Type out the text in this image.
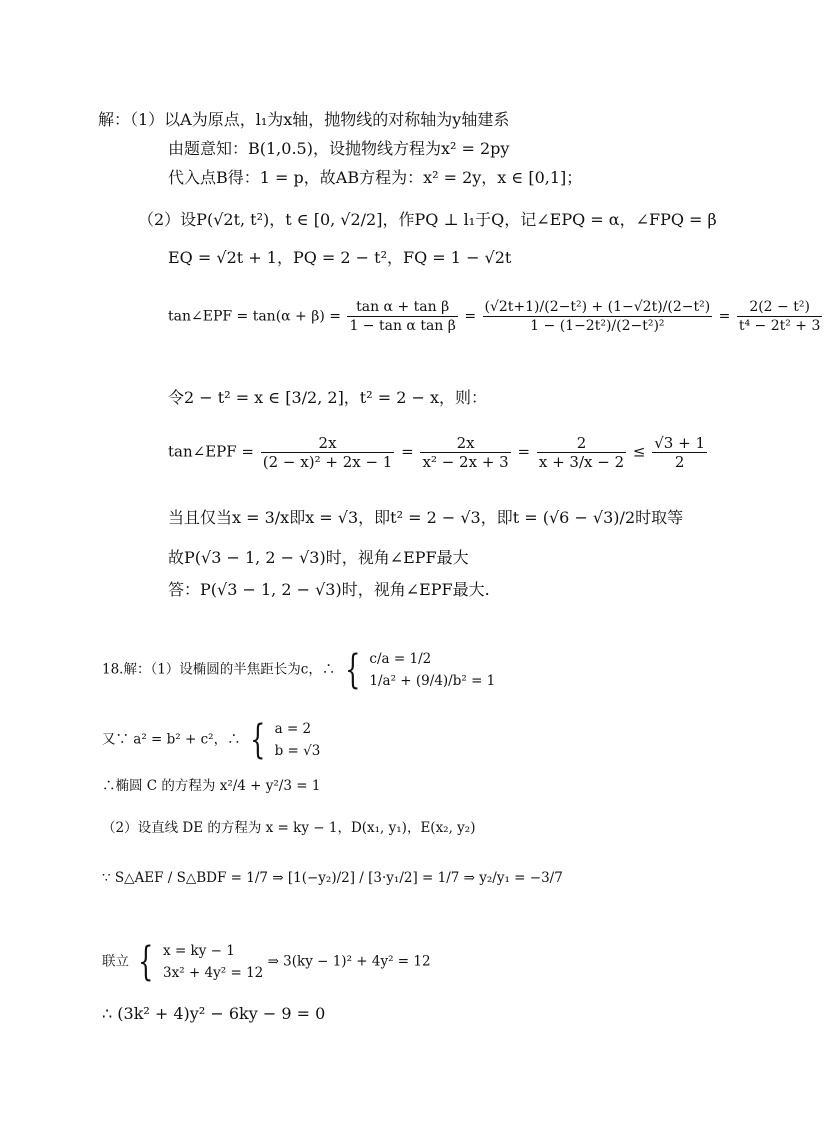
解：（1）以A为原点，l₁为x轴，抛物线的对称轴为y轴建系
由题意知：B(1,0.5)，设抛物线方程为x² = 2py
代入点B得：1 = p，故AB方程为：x² = 2y，x ∈ [0,1]；
（2）设P(√2t, t²)，t ∈ [0, √2/2]，作PQ ⊥ l₁于Q，记∠EPQ = α，∠FPQ = β
EQ = √2t + 1，PQ = 2 − t²，FQ = 1 − √2t
tan∠EPF = $\tan(\alpha + \beta) = \frac{\text{tan α + tan β}}{\text{1 − tan α tan β}} = \frac{\text{(√2t+1)/(2−t²) + (1−√2t)/(2−t²)}}{\text{1 − (1−2t²)/(2−t²)²}} = \frac{\text{2(2 − t²)}}{\text{t⁴ − 2t² + 3}}$
令2 − t² = x ∈ [3/2, 2]，t² = 2 − x，则：
tan∠EPF = $\frac{2x}{\text{(2 − x)² + 2x − 1}} = \frac{2x}{\text{x² − 2x + 3}} = \frac{2}{x + 3/x - 2} \le \frac{√3 + 1}{2}$
当且仅当x = 3/x即x = √3，即t² = 2 − √3，即t = (√6 − √3)/2时取等
故P(√3 − 1, 2 − √3)时，视角∠EPF最大
答：P(√3 − 1, 2 − √3)时，视角∠EPF最大.
18.解：（1）设椭圆的半焦距长为c，∴ { c/a = 1/2
1/a² + (9/4)/b² = 1
又∵ a² = b² + c²，∴ { a = 2
b = √3
∴椭圆 C 的方程为 x²/4 + y²/3 = 1
（2）设直线 DE 的方程为 x = ky − 1，D(x₁, y₁)，E(x₂, y₂)
∵ S△AEF / S△BDF = 1/7 ⇒ [1(−y₂)/2] / [3·y₁/2] = 1/7 ⇒ y₂/y₁ = −3/7
联立 { x = ky − 1
3x² + 4y² = 12
⇒ 3(ky − 1)² + 4y² = 12
∴ (3k² + 4)y² − 6ky − 9 = 0
